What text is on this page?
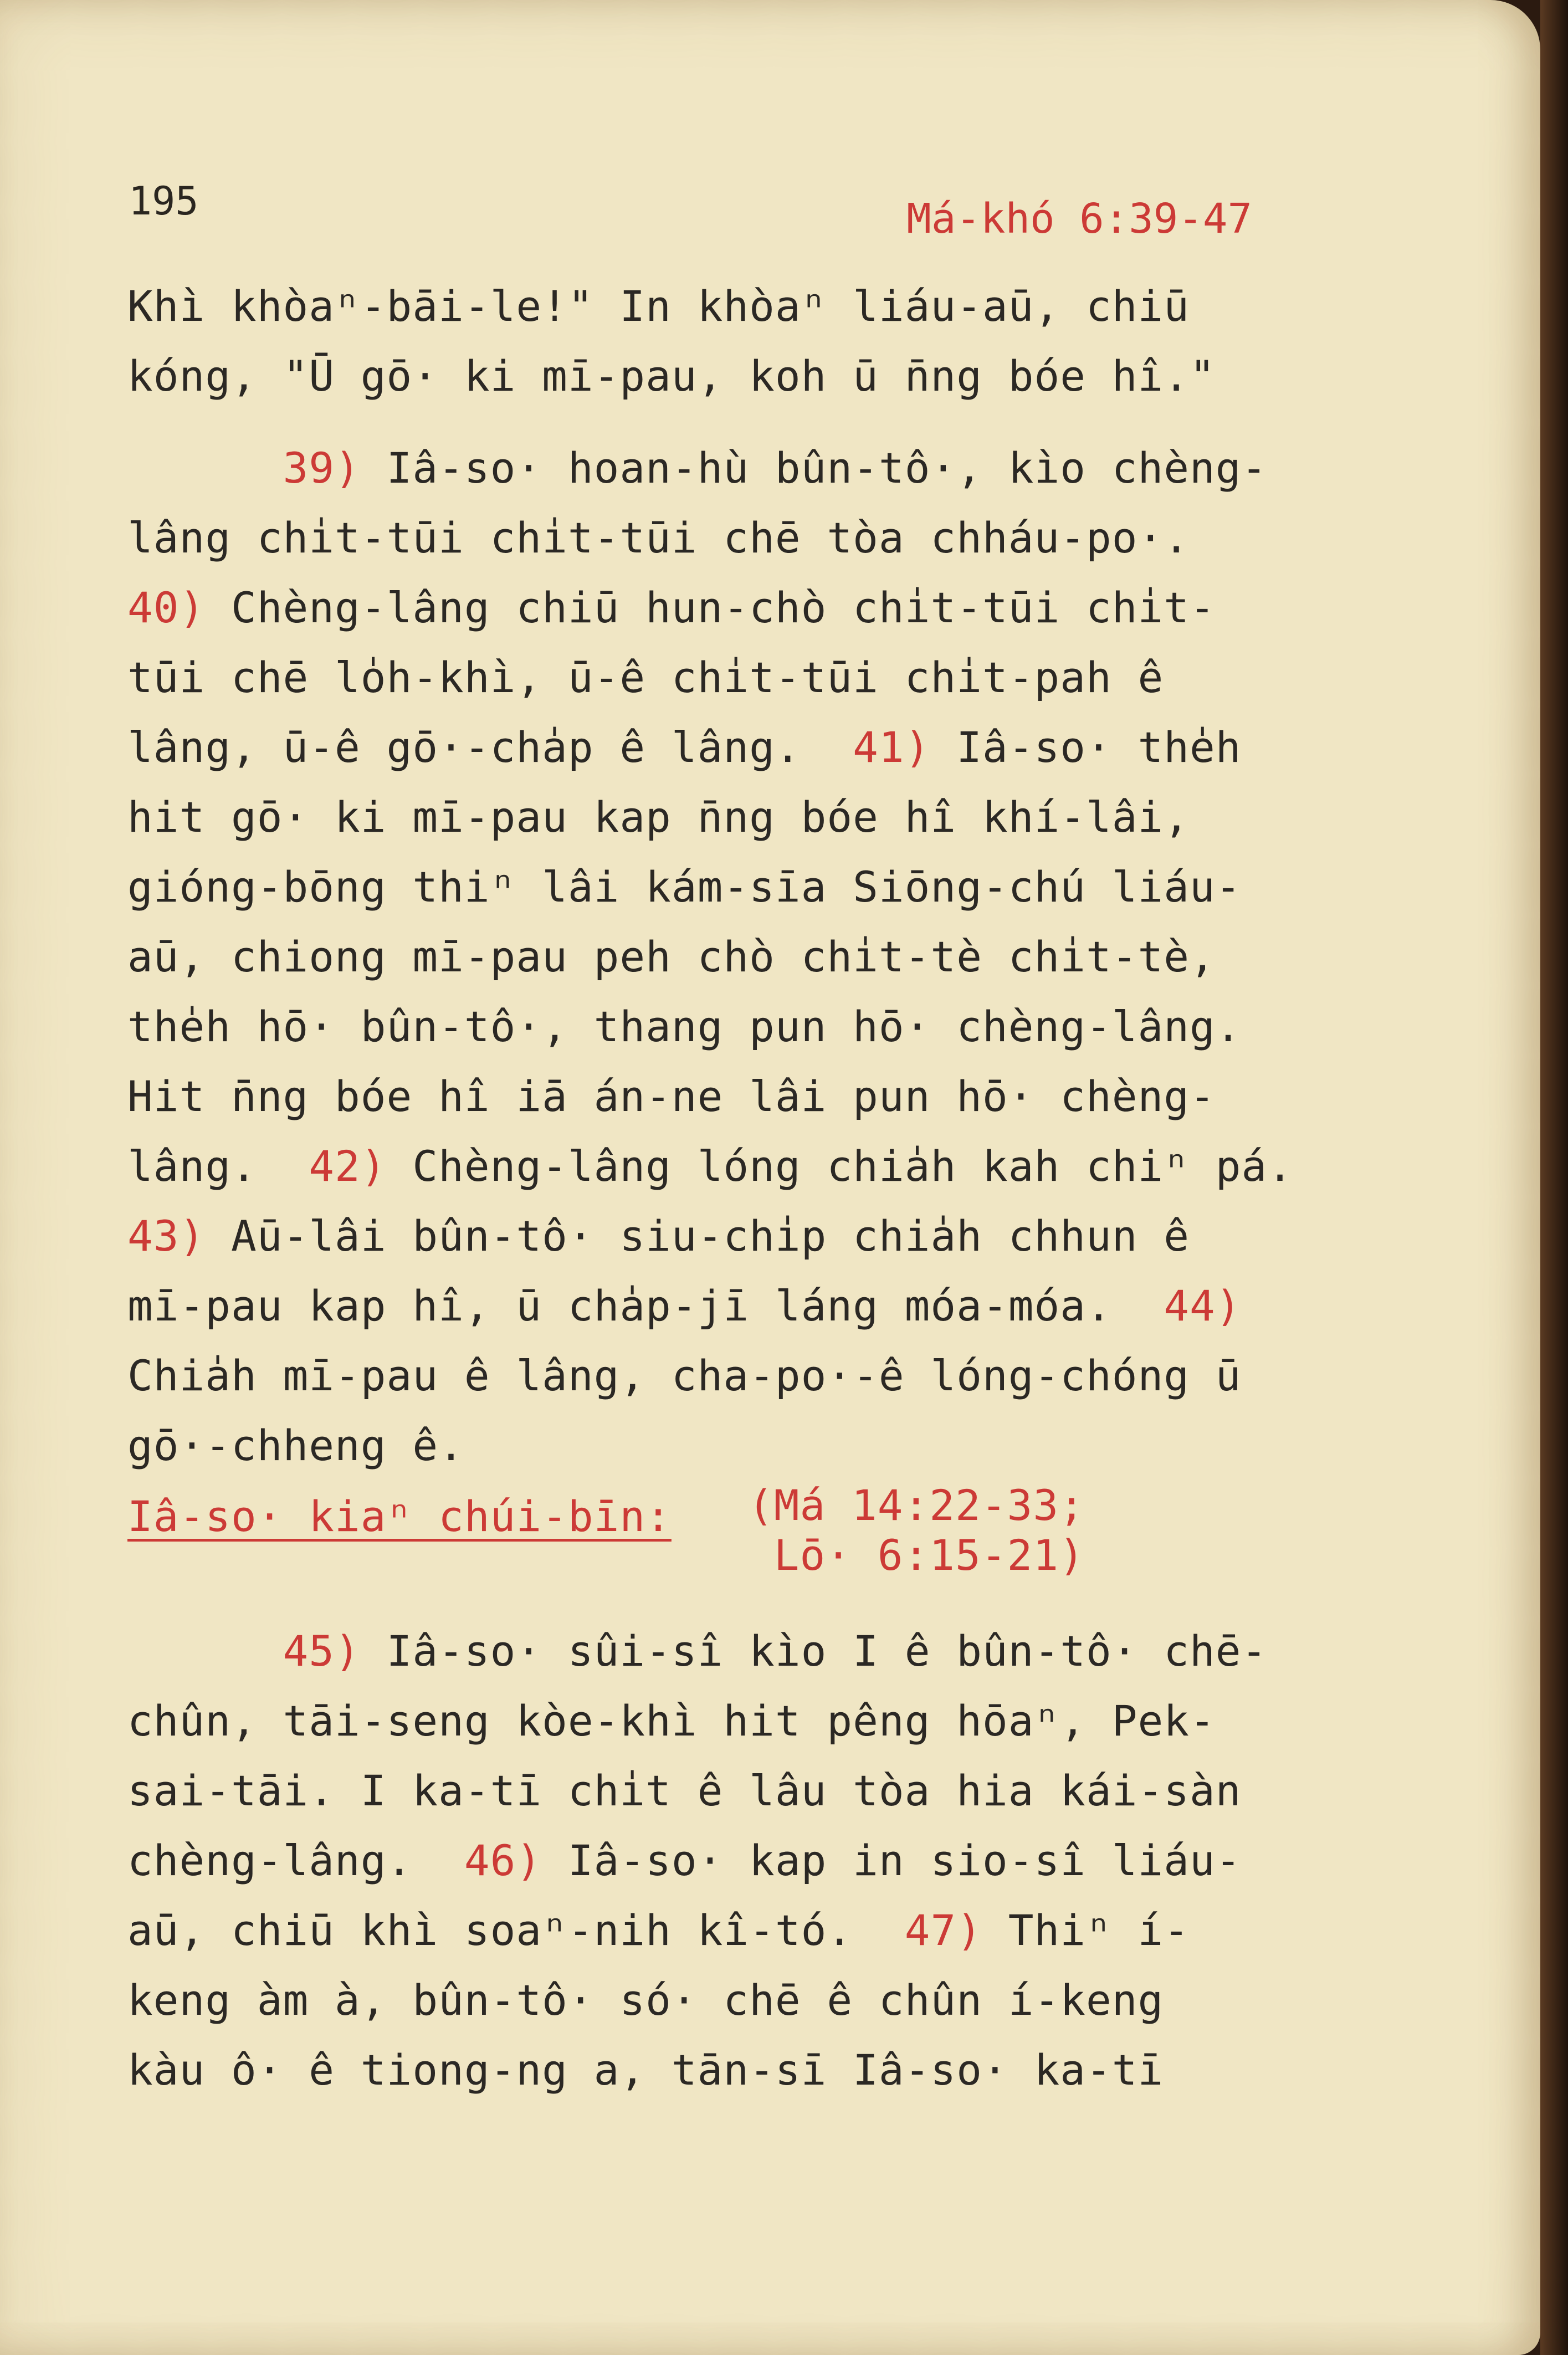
195	Má-khó 6:39-47
Khì khòaⁿ-bāi-le!" In khòaⁿ liáu-aū, chiū
kóng, "Ū gō· ki mī-pau, koh ū n̄ng bóe hî."
39) Iâ-so· hoan-hù bûn-tô·, kìo chèng-
lâng chi̍t-tūi chi̍t-tūi chē tòa chháu-po·.
40) Chèng-lâng chiū hun-chò chi̍t-tūi chi̍t-
tūi chē lo̍h-khì, ū-ê chi̍t-tūi chi̍t-pah ê
lâng, ū-ê gō·-cha̍p ê lâng.  41) Iâ-so· the̍h
hit gō· ki mī-pau kap n̄ng bóe hî khí-lâi,
gióng-bōng thiⁿ lâi kám-sīa Siōng-chú liáu-
aū, chiong mī-pau peh chò chi̍t-tè chi̍t-tè,
the̍h hō· bûn-tô·, thang pun hō· chèng-lâng.
Hit n̄ng bóe hî iā án-ne lâi pun hō· chèng-
lâng.  42) Chèng-lâng lóng chia̍h kah chiⁿ pá.
43) Aū-lâi bûn-tô· siu-chi̍p chia̍h chhun ê
mī-pau kap hî, ū cha̍p-jī láng móa-móa.  44)
Chia̍h mī-pau ê lâng, cha-po·-ê lóng-chóng ū
gō·-chheng ê.
Iâ-so· kiaⁿ chúi-bīn: (Má 14:22-33;
Lō· 6:15-21)
45) Iâ-so· sûi-sî kìo I ê bûn-tô· chē-
chûn, tāi-seng kòe-khì hit pêng hōaⁿ, Pek-
sai-tāi. I ka-tī chi̍t ê lâu tòa hia kái-sàn
chèng-lâng.  46) Iâ-so· kap in sio-sî liáu-
aū, chiū khì soaⁿ-nih kî-tó.  47) Thiⁿ í-
keng àm à, bûn-tô· só· chē ê chûn í-keng
kàu ô· ê tiong-ng a, tān-sī Iâ-so· ka-tī
